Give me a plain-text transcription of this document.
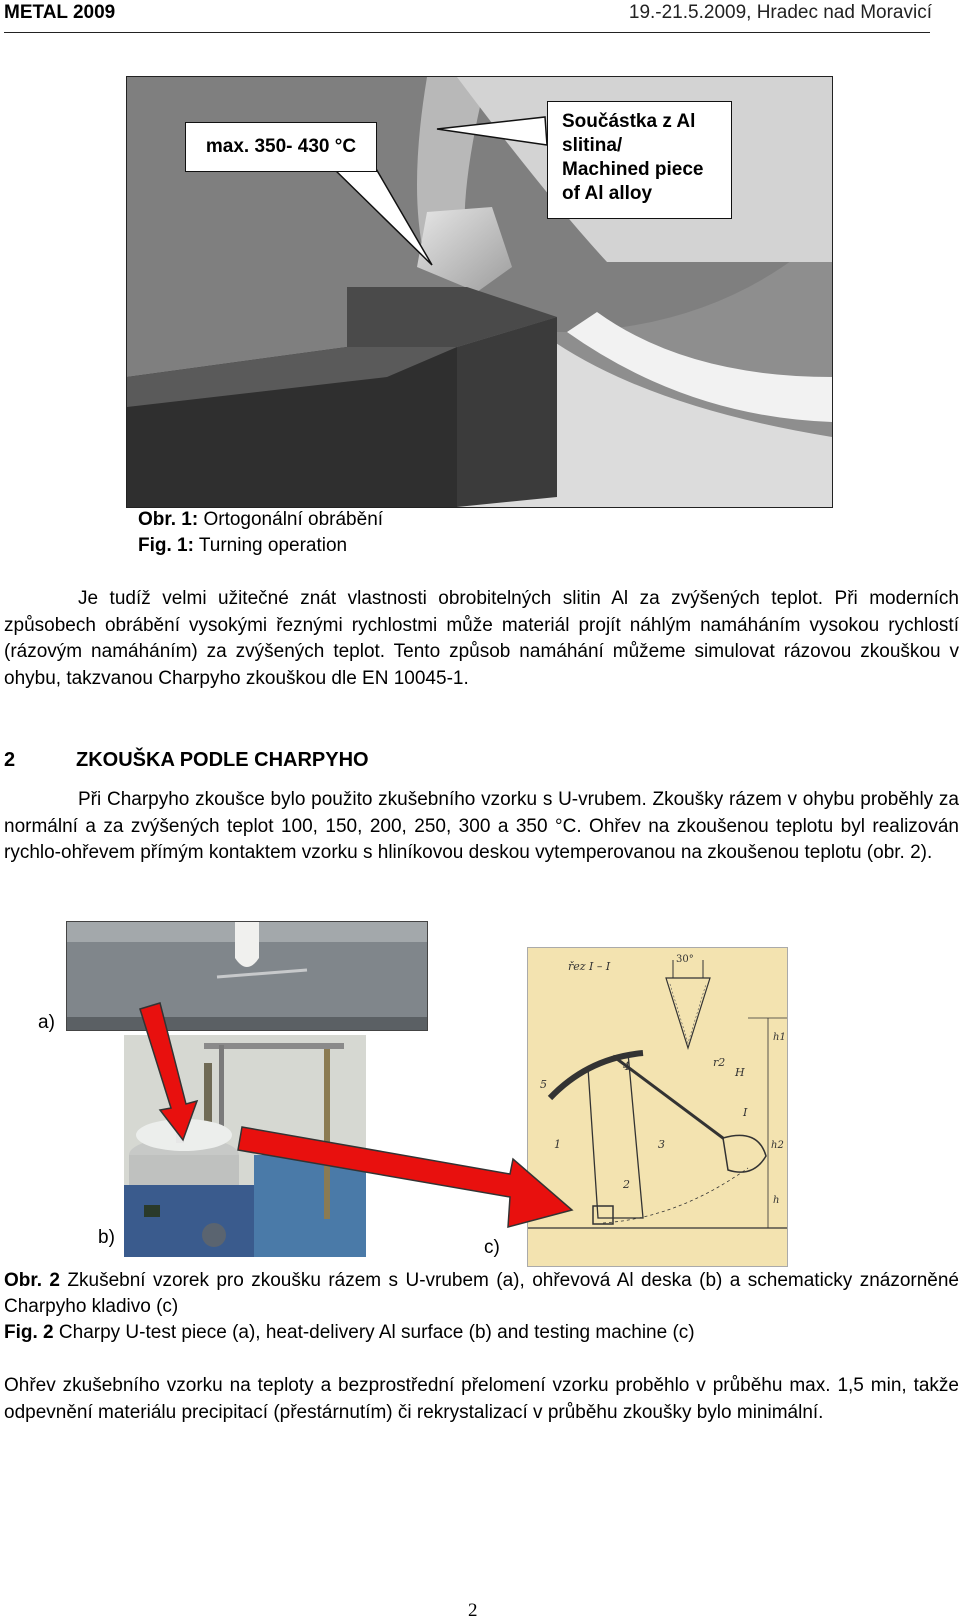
METAL 2009	19.-21.5.2009, Hradec nad Moravicí
max. 350- 430 °C
Součástka z Al
slitina/
Machined piece
of Al alloy
Obr. 1: Ortogonální obrábění
Fig. 1: Turning operation

Je tudíž velmi užitečné znát vlastnosti obrobitelných slitin Al za zvýšených teplot. Při moderních způsobech obrábění vysokými řeznými rychlostmi může materiál projít náhlým namáháním vysokou rychlostí (rázovým namáháním) za zvýšených teplot. Tento způsob namáhání můžeme simulovat rázovou zkouškou v ohybu, takzvanou Charpyho zkouškou dle EN 10045-1.

2	ZKOUŠKA PODLE CHARPYHO

Při Charpyho zkoušce bylo použito zkušebního vzorku s U-vrubem. Zkoušky rázem v ohybu proběhly za normální a za zvýšených teplot 100, 150, 200, 250, 300 a 350 °C. Ohřev na zkoušenou teplotu byl realizován rychlo-ohřevem přímým kontaktem vzorku s hliníkovou deskou vytemperovanou na zkoušenou teplotu (obr. 2).

a)
b)
řez I – I
30°
r2
H
h1
h2
h
I
1
2
3
4
5
c)

Obr. 2 Zkušební vzorek pro zkoušku rázem s U-vrubem (a), ohřevová Al deska (b) a schematicky znázorněné Charpyho kladivo (c)

Fig. 2 Charpy U-test piece (a), heat-delivery Al surface (b) and testing machine (c)

Ohřev zkušebního vzorku na teploty a bezprostřední přelomení vzorku proběhlo v průběhu max. 1,5 min, takže odpevnění materiálu precipitací (přestárnutím) či rekrystalizací v průběhu zkoušky bylo minimální.

2
